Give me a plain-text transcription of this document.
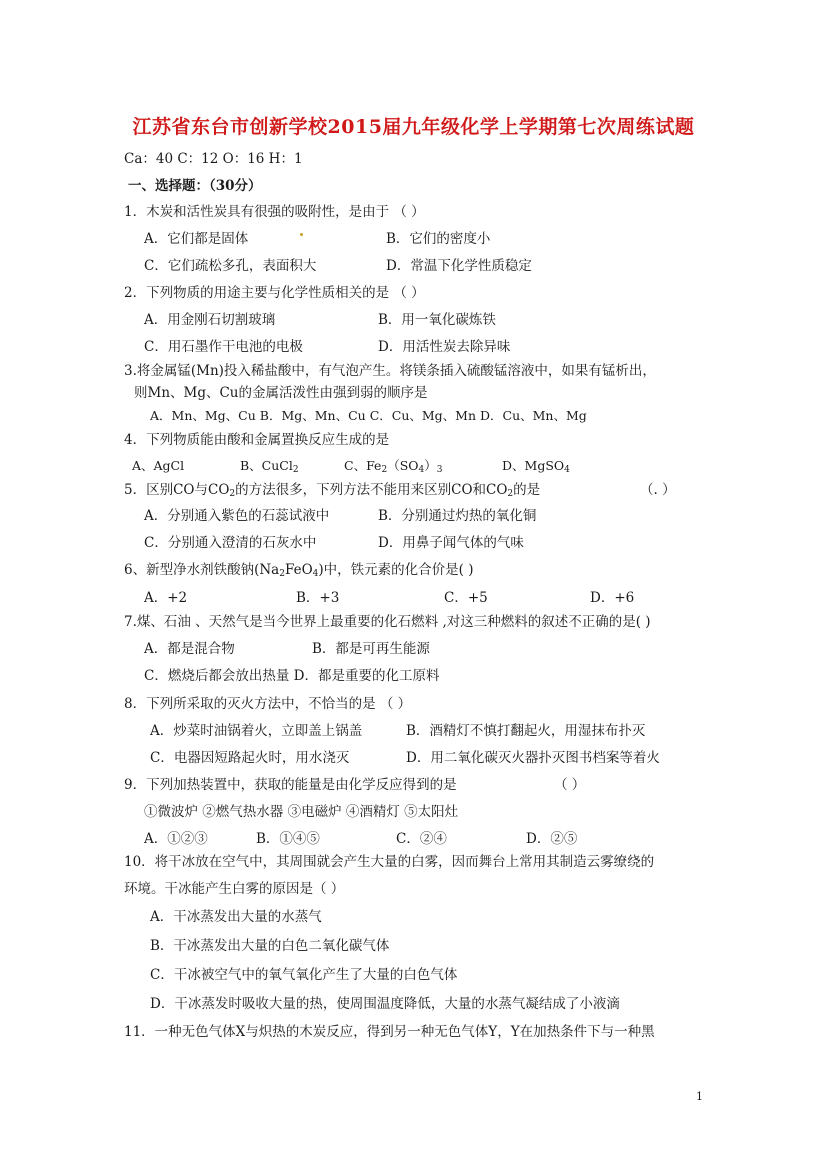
江苏省东台市创新学校2015届九年级化学上学期第七次周练试题
Ca：40 C：12 O：16 H：1
一、选择题：（30分）
1．木炭和活性炭具有很强的吸附性，是由于 （ ）
A．它们都是固体	B．它们的密度小
C．它们疏松多孔，表面积大	D．常温下化学性质稳定
2．下列物质的用途主要与化学性质相关的是 （ ）
A．用金刚石切割玻璃	B．用一氧化碳炼铁
C．用石墨作干电池的电极	D．用活性炭去除异味
3.将金属锰(Mn)投入稀盐酸中，有气泡产生。将镁条插入硫酸锰溶液中，如果有锰析出，
则Mn、Mg、Cu的金属活泼性由强到弱的顺序是
A．Mn、Mg、Cu B．Mg、Mn、Cu C．Cu、Mg、Mn D．Cu、Mn、Mg
4．下列物质能由酸和金属置换反应生成的是
A、AgCl	B、CuCl$_2$	C、$Fe_2(SO_4)_3$	D、MgSO$_4$
5．区别CO与$CO_2$的方法很多，下列方法不能用来区别CO和$CO_2$的是	（. ）
A．分别通入紫色的石蕊试液中	B．分别通过灼热的氧化铜
C．分别通入澄清的石灰水中	D．用鼻子闻气体的气味
6、新型净水剂铁酸钠$(Na_2FeO_4)$中，铁元素的化合价是( )
A．+2	B．+3	C．+5	D．+6
7.煤、石油 、天然气是当今世界上最重要的化石燃料 ,对这三种燃料的叙述不正确的是( )
A．都是混合物	B．都是可再生能源
C．燃烧后都会放出热量 D．都是重要的化工原料
8．下列所采取的灭火方法中，不恰当的是 （ ）
A．炒菜时油锅着火，立即盖上锅盖	B．酒精灯不慎打翻起火，用湿抹布扑灭
C．电器因短路起火时，用水浇灭	D．用二氧化碳灭火器扑灭图书档案等着火
9．下列加热装置中，获取的能量是由化学反应得到的是	（ ）
①微波炉 ②燃气热水器 ③电磁炉 ④酒精灯 ⑤太阳灶
A．①②③	B．①④⑤	C．②④	D．②⑤
10．将干冰放在空气中，其周围就会产生大量的白雾，因而舞台上常用其制造云雾缭绕的
环境。干冰能产生白雾的原因是（ ）
A．干冰蒸发出大量的水蒸气
B．干冰蒸发出大量的白色二氧化碳气体
C．干冰被空气中的氧气氧化产生了大量的白色气体
D．干冰蒸发时吸收大量的热，使周围温度降低，大量的水蒸气凝结成了小液滴
11．一种无色气体X与炽热的木炭反应，得到另一种无色气体Y，Y在加热条件下与一种黑
1
